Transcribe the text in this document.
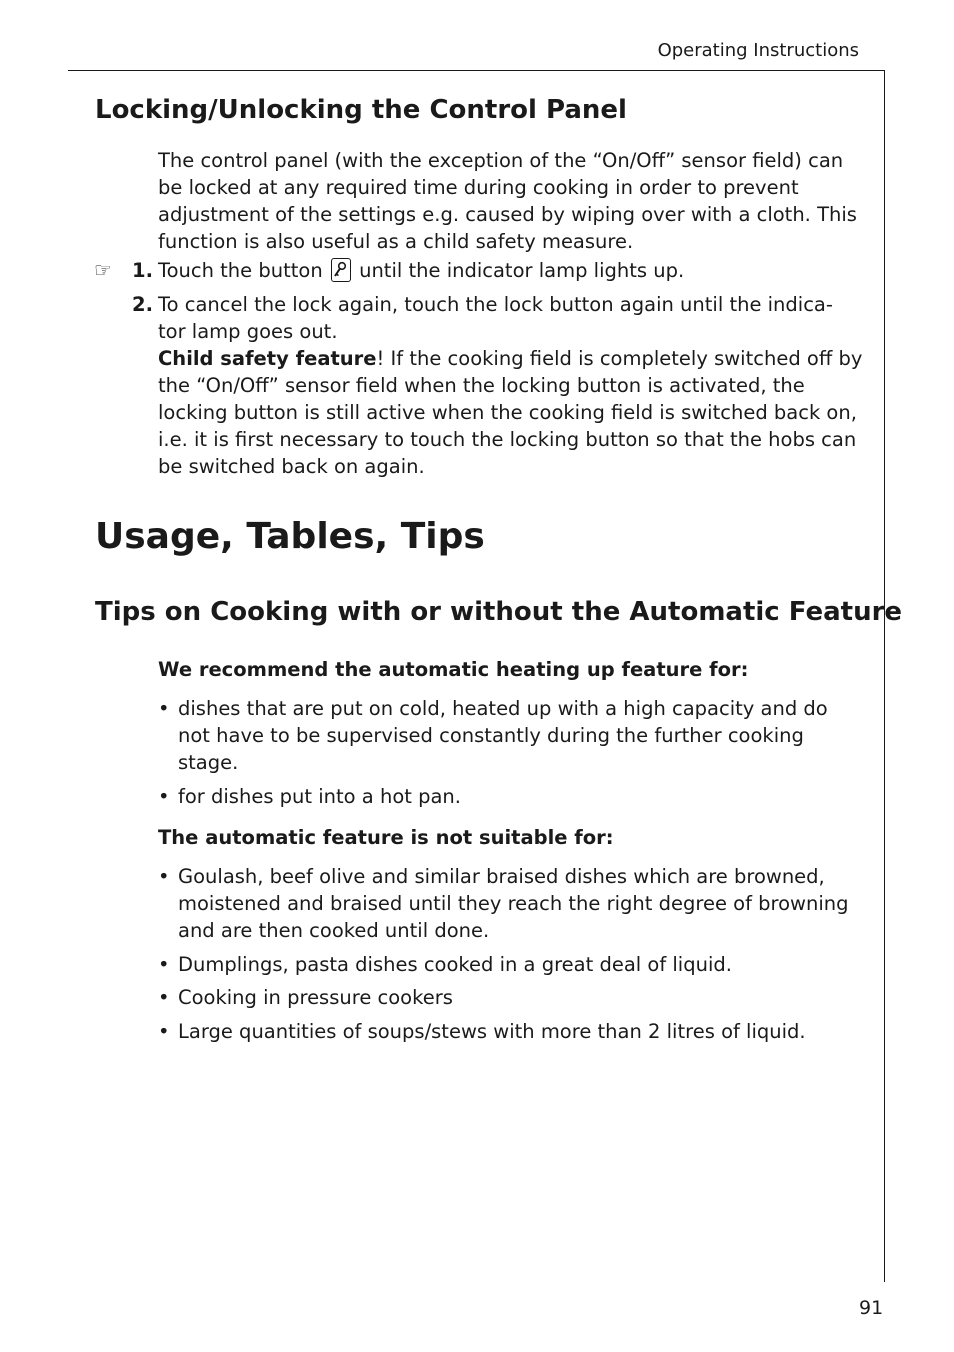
Operating Instructions
Locking/Unlocking the Control Panel
The control panel (with the exception of the “On/Off” sensor field) can
be locked at any required time during cooking in order to prevent
adjustment of the settings e.g. caused by wiping over with a cloth. This
function is also useful as a child safety measure.
☞ 1. Touch the button until the indicator lamp lights up.
2. To cancel the lock again, touch the lock button again until the indica-
tor lamp goes out.
Child safety feature! If the cooking field is completely switched off by
the “On/Off” sensor field when the locking button is activated, the
locking button is still active when the cooking field is switched back on,
i.e. it is first necessary to touch the locking button so that the hobs can
be switched back on again.
Usage, Tables, Tips
Tips on Cooking with or without the Automatic Feature
We recommend the automatic heating up feature for:
• dishes that are put on cold, heated up with a high capacity and do
not have to be supervised constantly during the further cooking
stage.
• for dishes put into a hot pan.
The automatic feature is not suitable for:
• Goulash, beef olive and similar braised dishes which are browned,
moistened and braised until they reach the right degree of browning
and are then cooked until done.
• Dumplings, pasta dishes cooked in a great deal of liquid.
• Cooking in pressure cookers
• Large quantities of soups/stews with more than 2 litres of liquid.
91
